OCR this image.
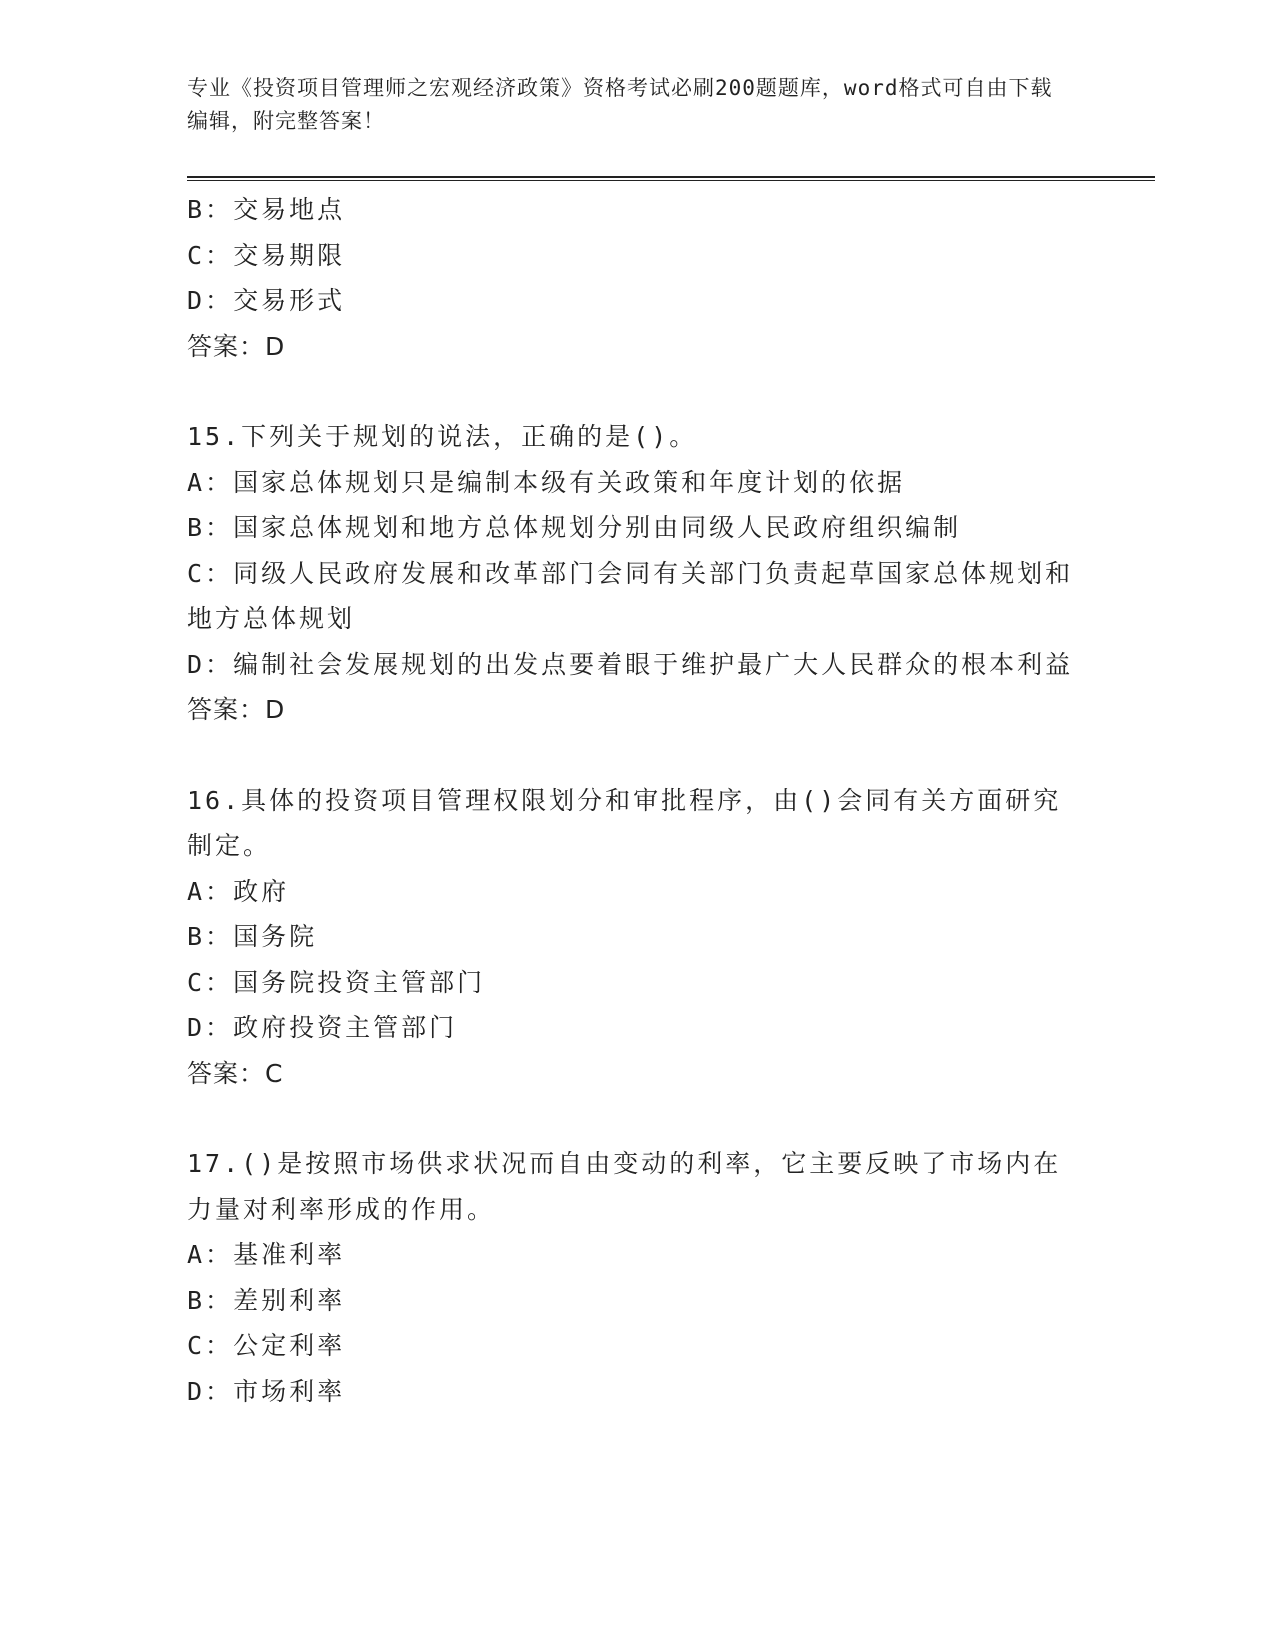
专业《投资项目管理师之宏观经济政策》资格考试必刷200题题库，word格式可自由下载编辑，附完整答案！
B：交易地点
C：交易期限
D：交易形式
答案：D
15.下列关于规划的说法，正确的是()。
A：国家总体规划只是编制本级有关政策和年度计划的依据
B：国家总体规划和地方总体规划分别由同级人民政府组织编制
C：同级人民政府发展和改革部门会同有关部门负责起草国家总体规划和地方总体规划
D：编制社会发展规划的出发点要着眼于维护最广大人民群众的根本利益
答案：D
16.具体的投资项目管理权限划分和审批程序，由()会同有关方面研究制定。
A：政府
B：国务院
C：国务院投资主管部门
D：政府投资主管部门
答案：C
17.()是按照市场供求状况而自由变动的利率，它主要反映了市场内在力量对利率形成的作用。
A：基准利率
B：差别利率
C：公定利率
D：市场利率
